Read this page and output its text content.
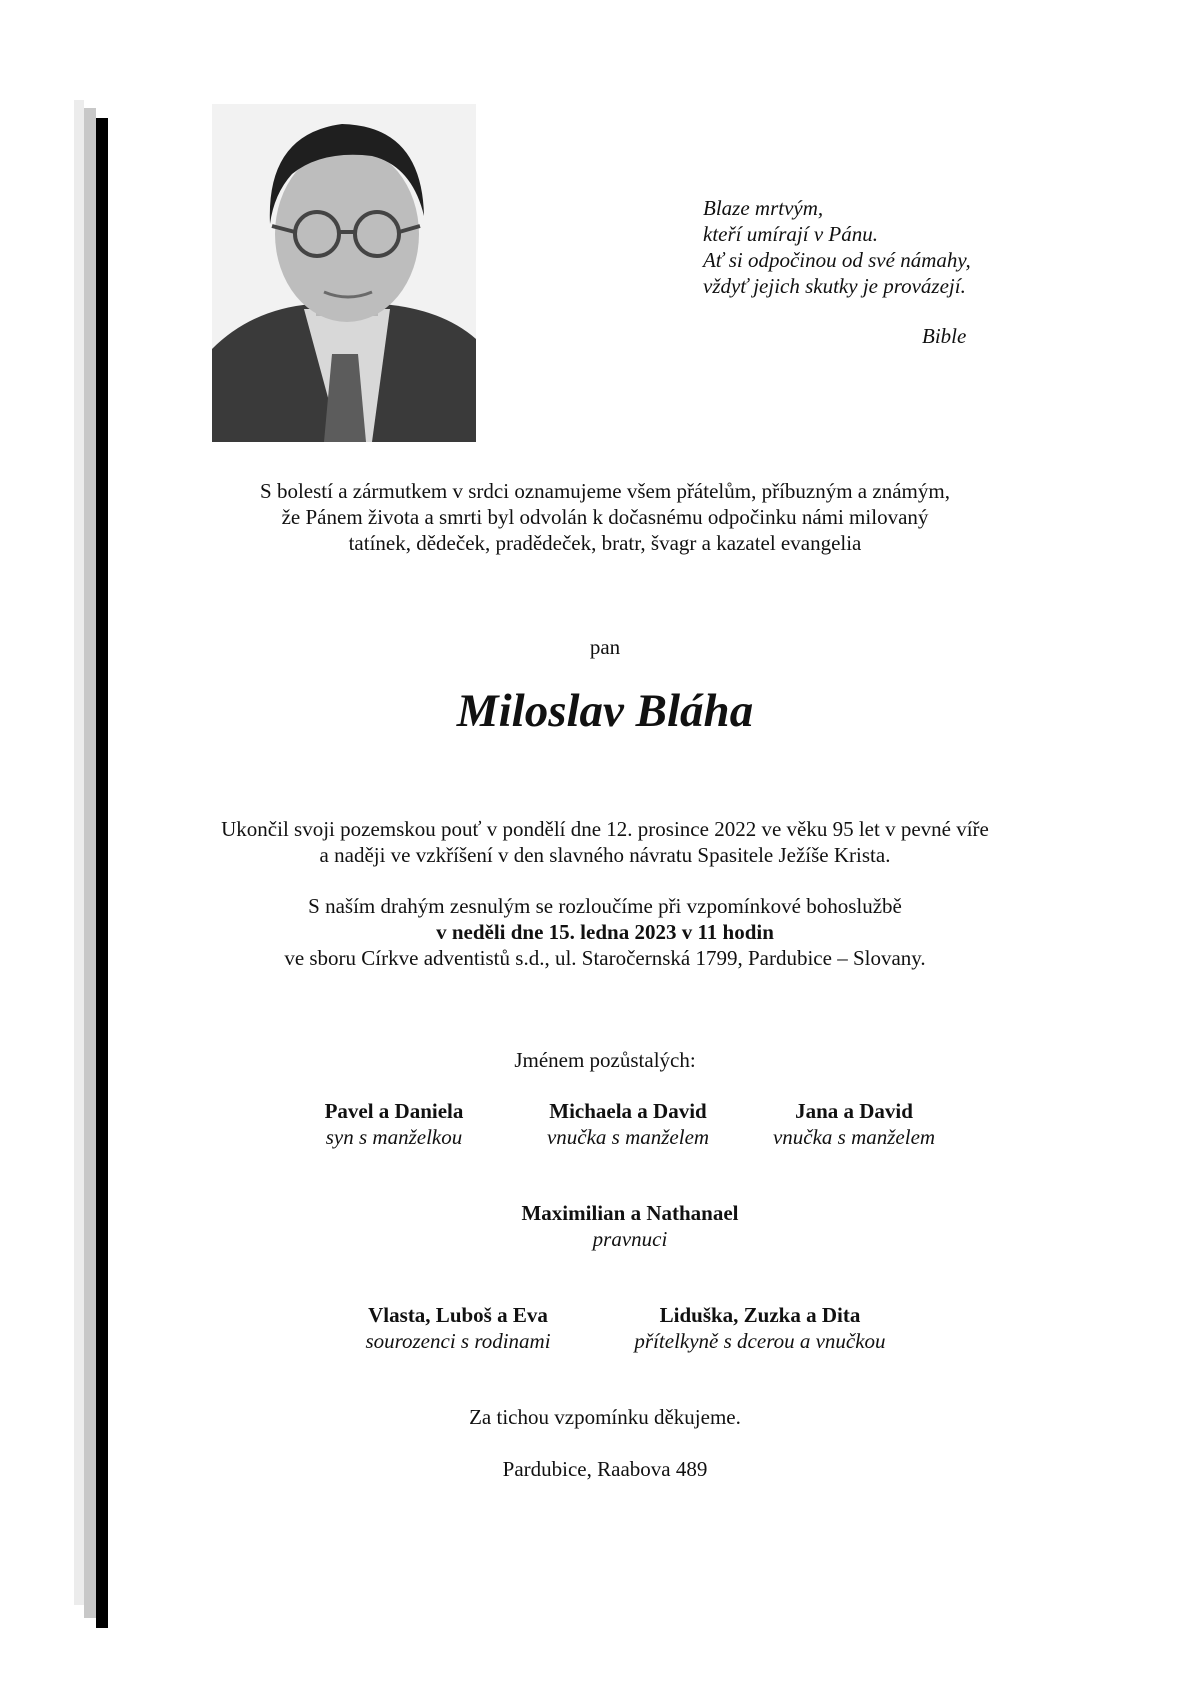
Blaze mrtvým,
kteří umírají v Pánu.
Ať si odpočinou od své námahy,
vždyť jejich skutky je provázejí.
Bible
S bolestí a zármutkem v srdci oznamujeme všem přátelům, příbuzným a známým,
že Pánem života a smrti byl odvolán k dočasnému odpočinku námi milovaný
tatínek, dědeček, pradědeček, bratr, švagr a kazatel evangelia
pan
Miloslav Bláha
Ukončil svoji pozemskou pouť v pondělí dne 12. prosince 2022 ve věku 95 let v pevné víře
a naději ve vzkříšení v den slavného návratu Spasitele Ježíše Krista.
S naším drahým zesnulým se rozloučíme při vzpomínkové bohoslužbě
v neděli dne 15. ledna 2023 v 11 hodin
ve sboru Církve adventistů s.d., ul. Staročernská 1799, Pardubice – Slovany.
Jménem pozůstalých:
Pavel a Daniela
syn s manželkou
Michaela a David
vnučka s manželem
Jana a David
vnučka s manželem
Maximilian a Nathanael
pravnuci
Vlasta, Luboš a Eva
sourozenci s rodinami
Liduška, Zuzka a Dita
přítelkyně s dcerou a vnučkou
Za tichou vzpomínku děkujeme.
Pardubice, Raabova 489
